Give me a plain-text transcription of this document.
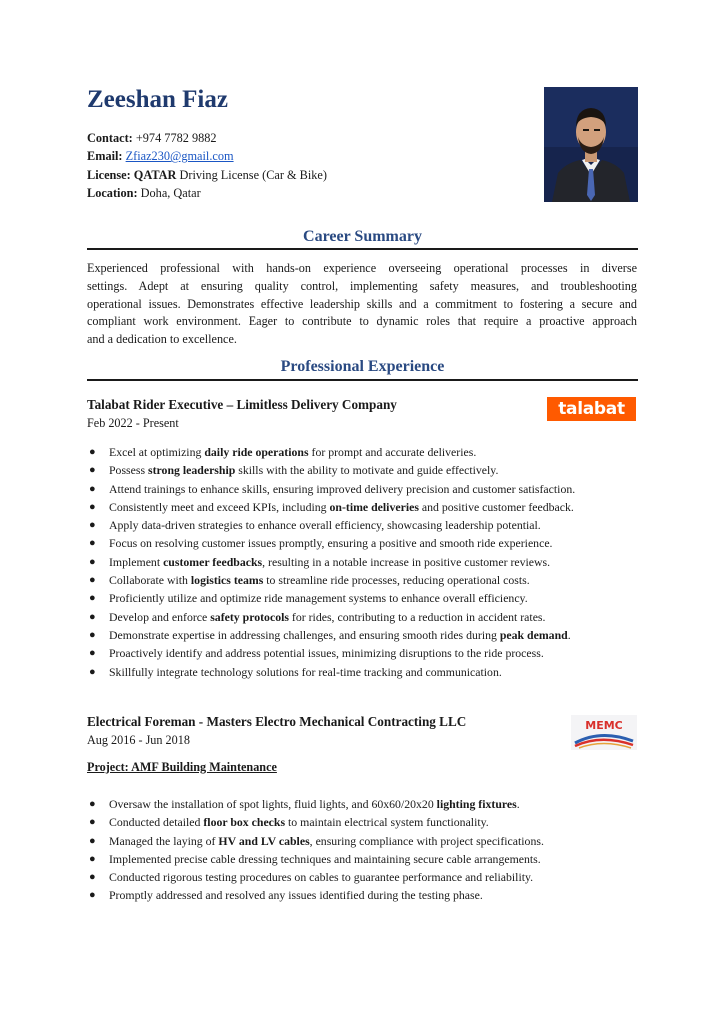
Zeeshan Fiaz
Contact: +974 7782 9882
Email: Zfiaz230@gmail.com
License: QATAR Driving License (Car & Bike)
Location: Doha, Qatar
Career Summary
Experienced professional with hands-on experience overseeing operational processes in diverse
settings. Adept at ensuring quality control, implementing safety measures, and troubleshooting
operational issues. Demonstrates effective leadership skills and a commitment to fostering a secure and
compliant work environment. Eager to contribute to dynamic roles that require a proactive approach
and a dedication to excellence.
Professional Experience
Talabat Rider Executive – Limitless Delivery Company
Feb 2022 - Present
talabat
● Excel at optimizing daily ride operations for prompt and accurate deliveries.
● Possess strong leadership skills with the ability to motivate and guide effectively.
● Attend trainings to enhance skills, ensuring improved delivery precision and customer satisfaction.
● Consistently meet and exceed KPIs, including on-time deliveries and positive customer feedback.
● Apply data-driven strategies to enhance overall efficiency, showcasing leadership potential.
● Focus on resolving customer issues promptly, ensuring a positive and smooth ride experience.
● Implement customer feedbacks, resulting in a notable increase in positive customer reviews.
● Collaborate with logistics teams to streamline ride processes, reducing operational costs.
● Proficiently utilize and optimize ride management systems to enhance overall efficiency.
● Develop and enforce safety protocols for rides, contributing to a reduction in accident rates.
● Demonstrate expertise in addressing challenges, and ensuring smooth rides during peak demand.
● Proactively identify and address potential issues, minimizing disruptions to the ride process.
● Skillfully integrate technology solutions for real-time tracking and communication.
Electrical Foreman - Masters Electro Mechanical Contracting LLC
Aug 2016 - Jun 2018
MEMC
Project: AMF Building Maintenance
● Oversaw the installation of spot lights, fluid lights, and 60x60/20x20 lighting fixtures.
● Conducted detailed floor box checks to maintain electrical system functionality.
● Managed the laying of HV and LV cables, ensuring compliance with project specifications.
● Implemented precise cable dressing techniques and maintaining secure cable arrangements.
● Conducted rigorous testing procedures on cables to guarantee performance and reliability.
● Promptly addressed and resolved any issues identified during the testing phase.
